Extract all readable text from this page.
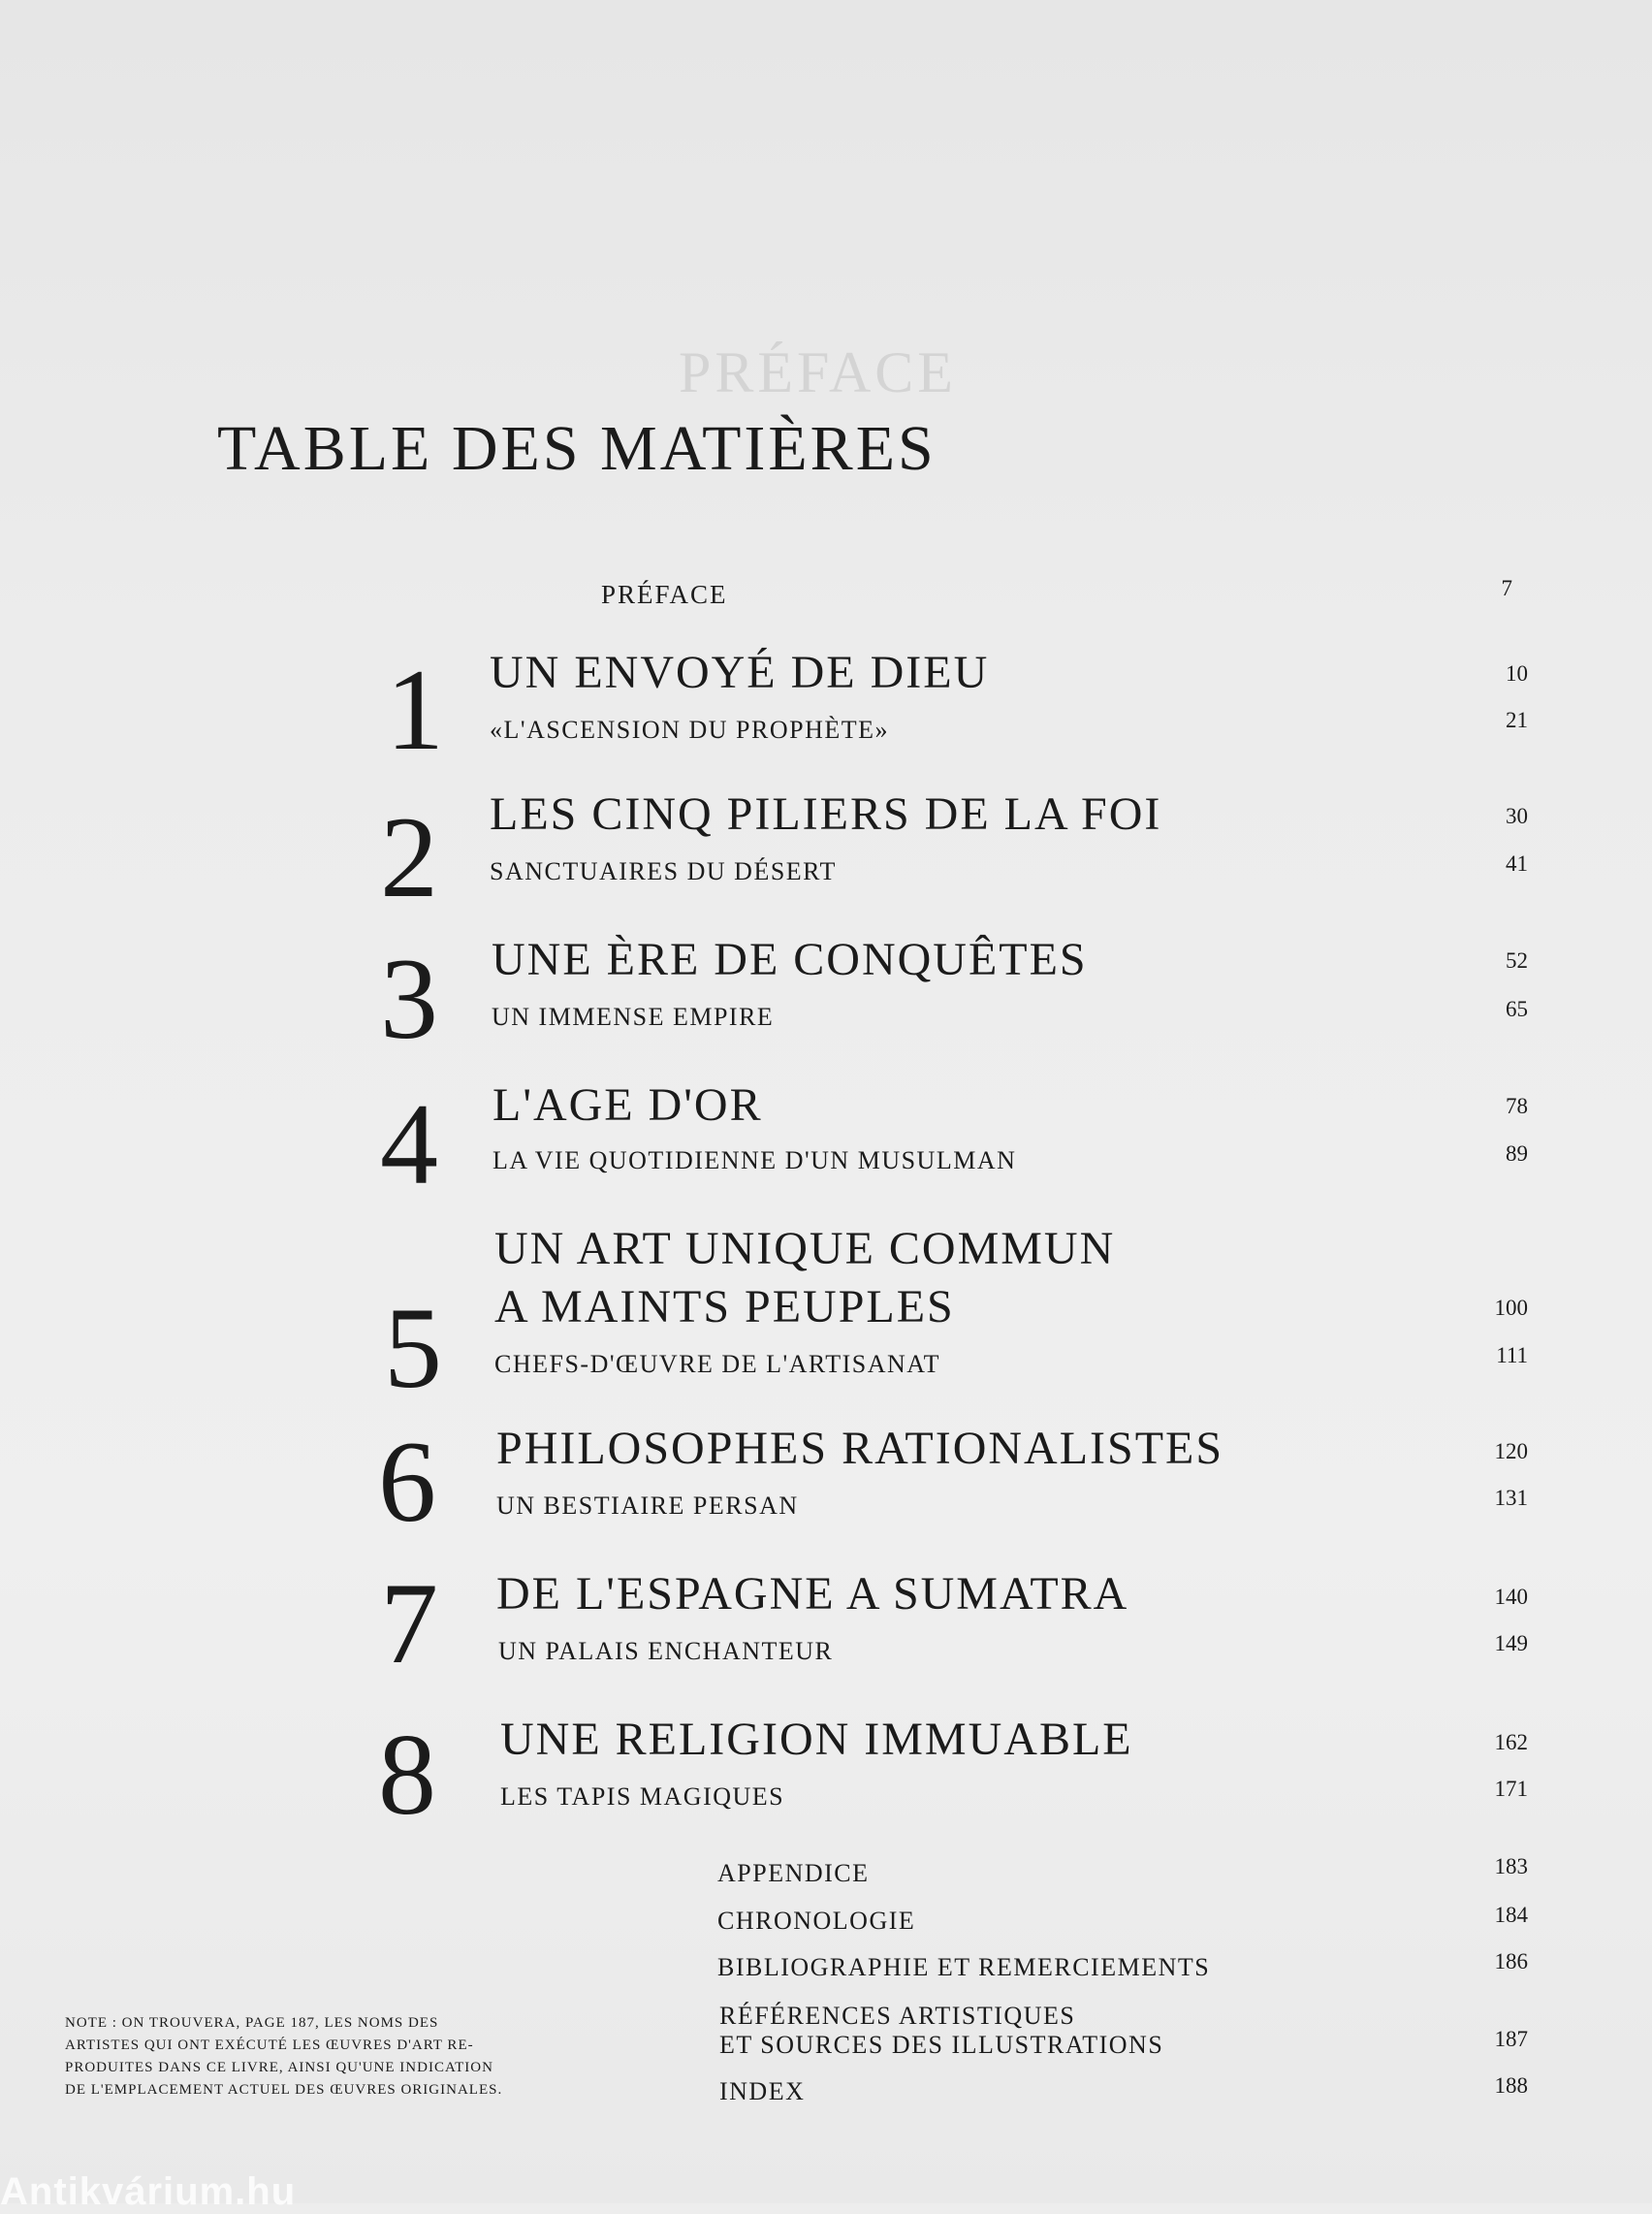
PRÉFACE
TABLE DES MATIÈRES
PRÉFACE	7
1 UN ENVOYÉ DE DIEU	10
«L'ASCENSION DU PROPHÈTE»	21
2 LES CINQ PILIERS DE LA FOI	30
SANCTUAIRES DU DÉSERT	41
3 UNE ÈRE DE CONQUÊTES	52
UN IMMENSE EMPIRE	65
4 L'AGE D'OR	78
LA VIE QUOTIDIENNE D'UN MUSULMAN	89
5
UN ART UNIQUE COMMUN
A MAINTS PEUPLES	100
CHEFS-D'ŒUVRE DE L'ARTISANAT	111
6 PHILOSOPHES RATIONALISTES	120
UN BESTIAIRE PERSAN	131
7 DE L'ESPAGNE A SUMATRA	140
UN PALAIS ENCHANTEUR	149
8 UNE RELIGION IMMUABLE	162
LES TAPIS MAGIQUES	171
APPENDICE	183
CHRONOLOGIE	184
BIBLIOGRAPHIE ET REMERCIEMENTS	186
RÉFÉRENCES ARTISTIQUES
ET SOURCES DES ILLUSTRATIONS	187
INDEX	188
NOTE : ON TROUVERA, PAGE 187, LES NOMS DES
ARTISTES QUI ONT EXÉCUTÉ LES ŒUVRES D'ART RE-
PRODUITES DANS CE LIVRE, AINSI QU'UNE INDICATION
DE L'EMPLACEMENT ACTUEL DES ŒUVRES ORIGINALES.
Antikvárium.hu
